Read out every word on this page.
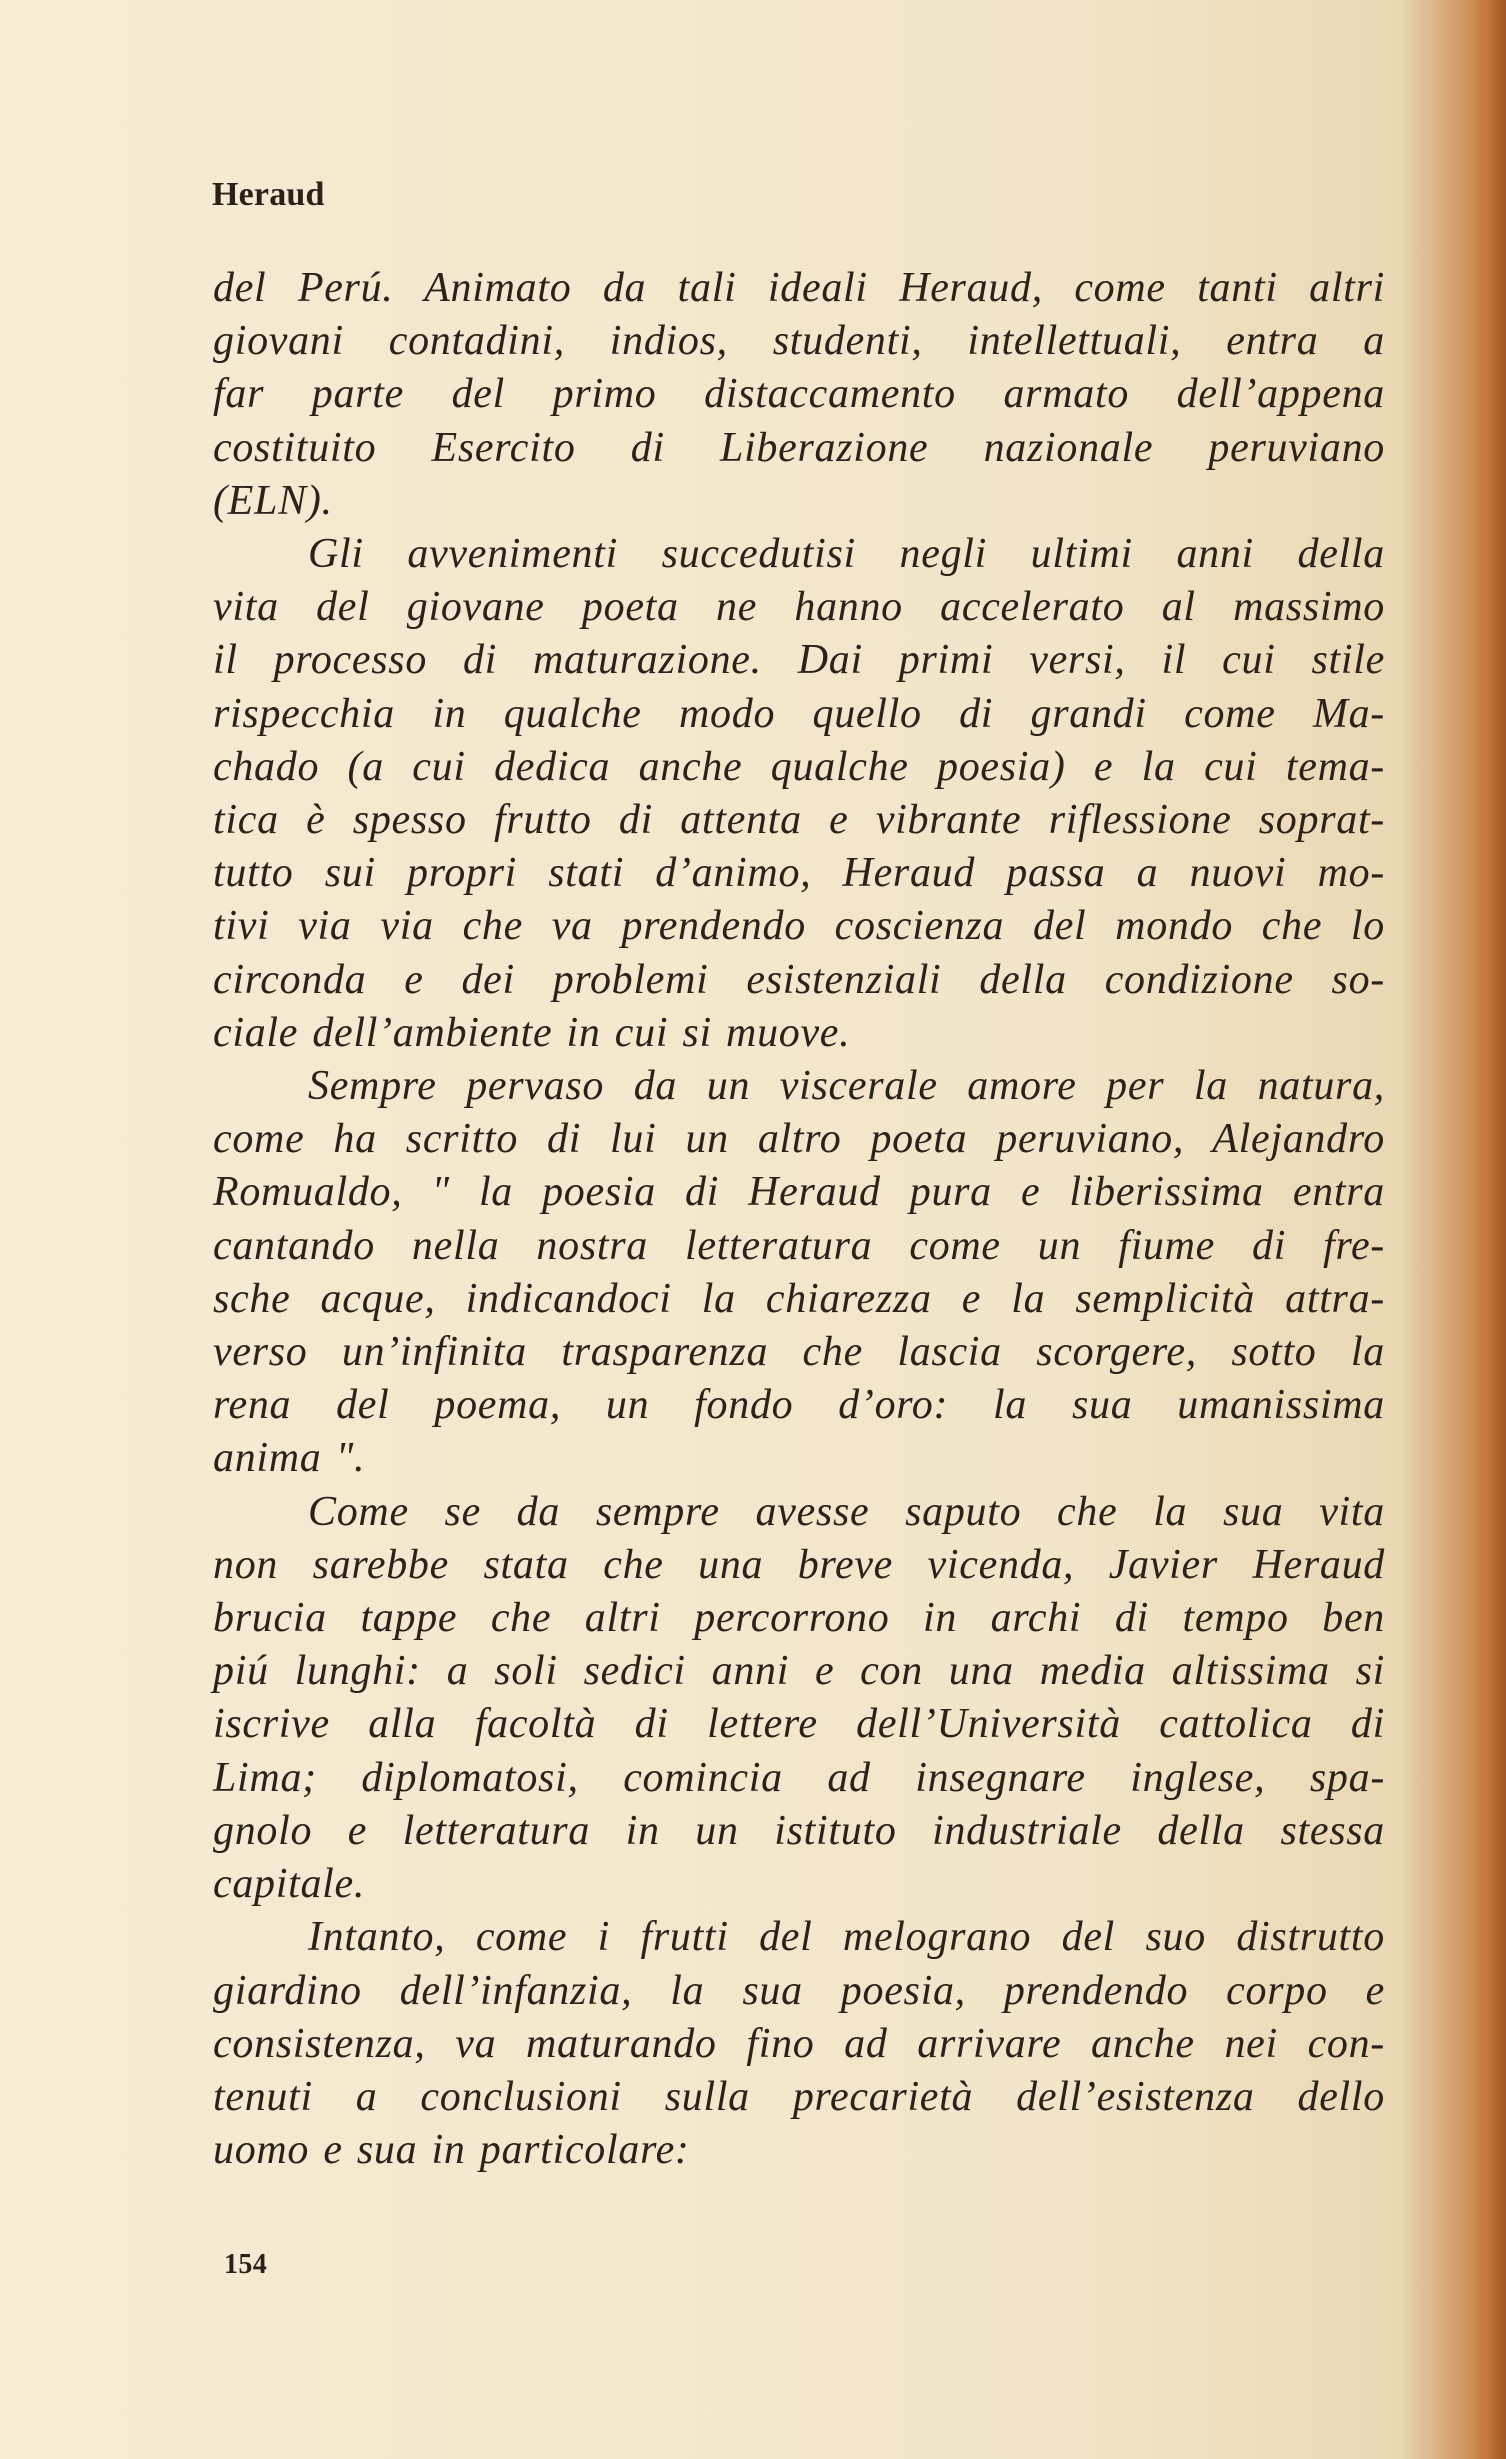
Heraud
del Perú. Animato da tali ideali Heraud, come tanti altri
giovani contadini, indios, studenti, intellettuali, entra a
far parte del primo distaccamento armato dell’appena
costituito Esercito di Liberazione nazionale peruviano
(ELN).
Gli avvenimenti succedutisi negli ultimi anni della
vita del giovane poeta ne hanno accelerato al massimo
il processo di maturazione. Dai primi versi, il cui stile
rispecchia in qualche modo quello di grandi come Ma-
chado (a cui dedica anche qualche poesia) e la cui tema-
tica è spesso frutto di attenta e vibrante riflessione soprat-
tutto sui propri stati d’animo, Heraud passa a nuovi mo-
tivi via via che va prendendo coscienza del mondo che lo
circonda e dei problemi esistenziali della condizione so-
ciale dell’ambiente in cui si muove.
Sempre pervaso da un viscerale amore per la natura,
come ha scritto di lui un altro poeta peruviano, Alejandro
Romualdo, " la poesia di Heraud pura e liberissima entra
cantando nella nostra letteratura come un fiume di fre-
sche acque, indicandoci la chiarezza e la semplicità attra-
verso un’infinita trasparenza che lascia scorgere, sotto la
rena del poema, un fondo d’oro: la sua umanissima
anima ".
Come se da sempre avesse saputo che la sua vita
non sarebbe stata che una breve vicenda, Javier Heraud
brucia tappe che altri percorrono in archi di tempo ben
piú lunghi: a soli sedici anni e con una media altissima si
iscrive alla facoltà di lettere dell’Università cattolica di
Lima; diplomatosi, comincia ad insegnare inglese, spa-
gnolo e letteratura in un istituto industriale della stessa
capitale.
Intanto, come i frutti del melograno del suo distrutto
giardino dell’infanzia, la sua poesia, prendendo corpo e
consistenza, va maturando fino ad arrivare anche nei con-
tenuti a conclusioni sulla precarietà dell’esistenza dello
uomo e sua in particolare:
154
